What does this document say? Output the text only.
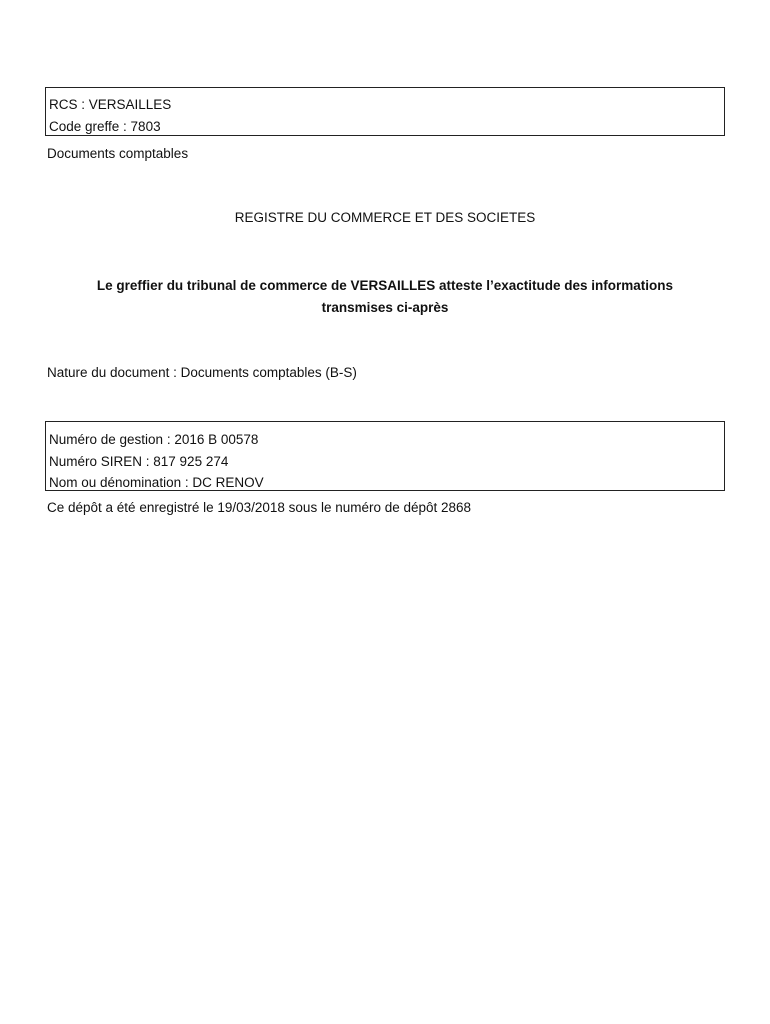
RCS : VERSAILLES
Code greffe : 7803
Documents comptables
REGISTRE DU COMMERCE ET DES SOCIETES
Le greffier du tribunal de commerce de VERSAILLES atteste l’exactitude des informations
transmises ci-après
Nature du document : Documents comptables (B-S)
Numéro de gestion : 2016 B 00578
Numéro SIREN : 817 925 274
Nom ou dénomination : DC RENOV
Ce dépôt a été enregistré le 19/03/2018 sous le numéro de dépôt 2868
